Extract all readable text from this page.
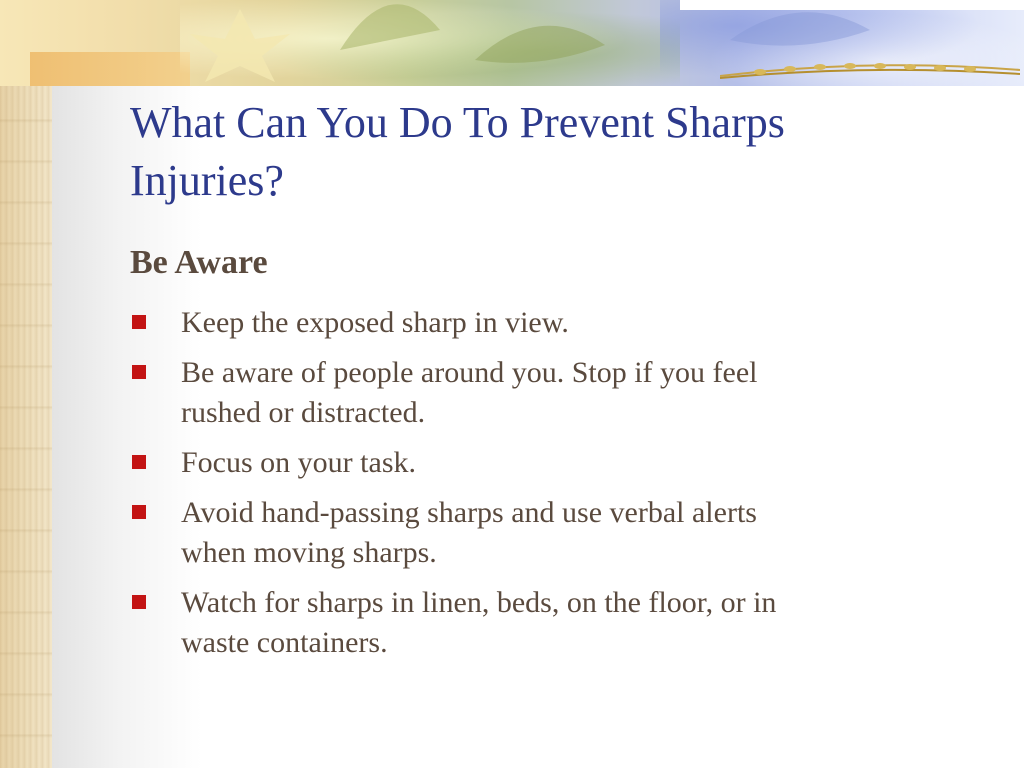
What Can You Do To Prevent Sharps
Injuries?
Be Aware
Keep the exposed sharp in view.
Be aware of people around you. Stop if you feel
rushed or distracted.
Focus on your task.
Avoid hand-passing sharps and use verbal alerts
when moving sharps.
Watch for sharps in linen, beds, on the floor, or in
waste containers.
